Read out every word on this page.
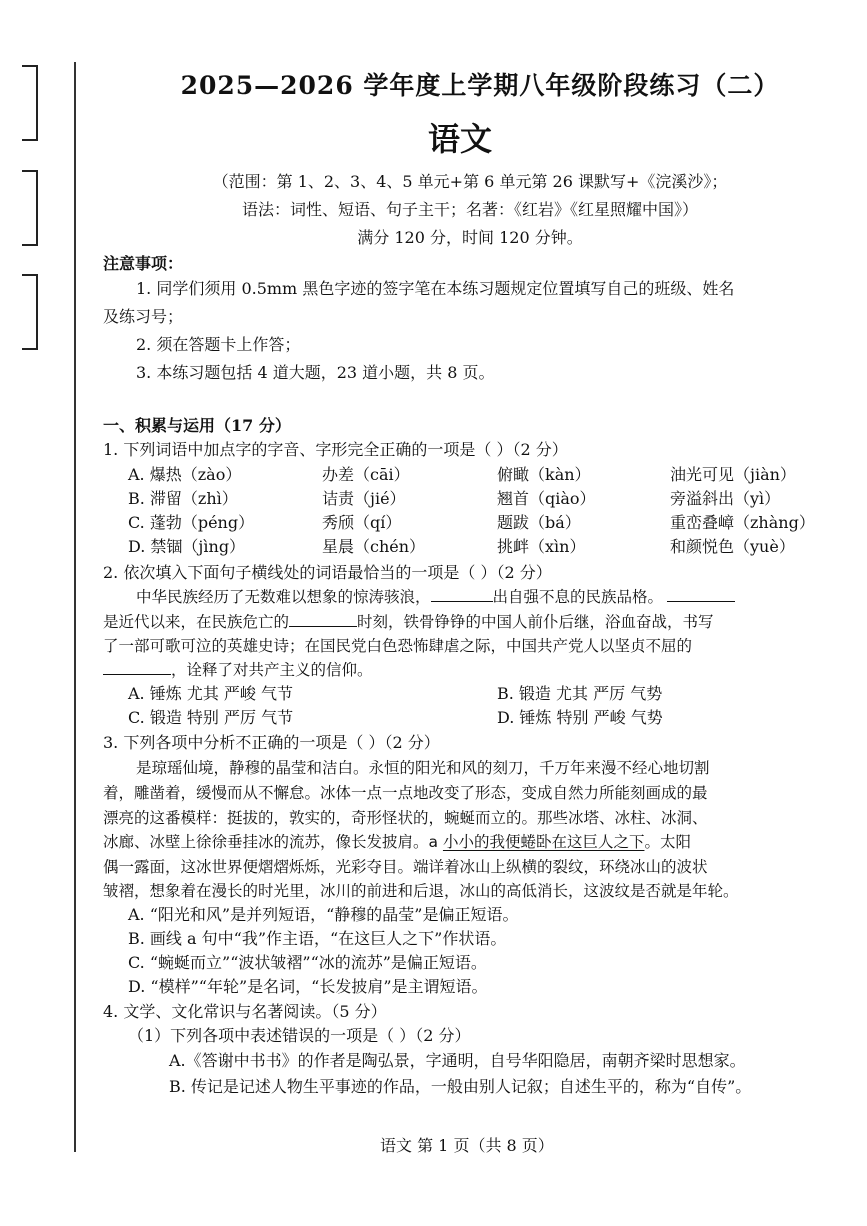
2025—2026 学年度上学期八年级阶段练习（二）
语文
（范围：第 1、2、3、4、5 单元+第 6 单元第 26 课默写+《浣溪沙》；
语法：词性、短语、句子主干；名著：《红岩》《红星照耀中国》）
满分 120 分，时间 120 分钟。
注意事项：
1. 同学们须用 0.5mm 黑色字迹的签字笔在本练习题规定位置填写自己的班级、姓名
及练习号；
2. 须在答题卡上作答；
3. 本练习题包括 4 道大题，23 道小题，共 8 页。
一、积累与运用（17 分）
1. 下列词语中加点字的字音、字形完全正确的一项是（ ）（2 分）
A. 爆热（zào）	办差（cāi）	俯瞰（kàn）	油光可见（jiàn）
B. 滞留（zhì）	诘责（jié）	翘首（qiào）	旁溢斜出（yì）
C. 蓬勃（péng）	秀颀（qí）	题跋（bá）	重峦叠嶂（zhàng）
D. 禁锢（jìng）	星晨（chén）	挑衅（xìn）	和颜悦色（yuè）
2. 依次填入下面句子横线处的词语最恰当的一项是（ ）（2 分）
中华民族经历了无数难以想象的惊涛骇浪，	出自强不息的民族品格。
是近代以来，在民族危亡的	时刻，铁骨铮铮的中国人前仆后继，浴血奋战，书写
了一部可歌可泣的英雄史诗；在国民党白色恐怖肆虐之际，中国共产党人以坚贞不屈的
，诠释了对共产主义的信仰。
A. 锤炼 尤其 严峻 气节	B. 锻造 尤其 严厉 气势
C. 锻造 特别 严厉 气节	D. 锤炼 特别 严峻 气势
3. 下列各项中分析不正确的一项是（ ）（2 分）
是琼瑶仙境，静穆的晶莹和洁白。永恒的阳光和风的刻刀，千万年来漫不经心地切割
着，雕凿着，缓慢而从不懈怠。冰体一点一点地改变了形态，变成自然力所能刻画成的最
漂亮的这番模样：挺拔的，敦实的，奇形怪状的，蜿蜒而立的。那些冰塔、冰柱、冰洞、
冰廊、冰壁上徐徐垂挂冰的流苏，像长发披肩。a 小小的我便蜷卧在这巨人之下。太阳
偶一露面，这冰世界便熠熠烁烁，光彩夺目。端详着冰山上纵横的裂纹，环绕冰山的波状
皱褶，想象着在漫长的时光里，冰川的前进和后退，冰山的高低消长，这波纹是否就是年轮。
A. “阳光和风”是并列短语，“静穆的晶莹”是偏正短语。
B. 画线 a 句中“我”作主语，“在这巨人之下”作状语。
C. “蜿蜒而立”“波状皱褶”“冰的流苏”是偏正短语。
D. “模样”“年轮”是名词，“长发披肩”是主谓短语。
4. 文学、文化常识与名著阅读。（5 分）
（1）下列各项中表述错误的一项是（ ）（2 分）
A.《答谢中书书》的作者是陶弘景，字通明，自号华阳隐居，南朝齐梁时思想家。
B. 传记是记述人物生平事迹的作品，一般由别人记叙；自述生平的，称为“自传”。
语文 第 1 页（共 8 页）
